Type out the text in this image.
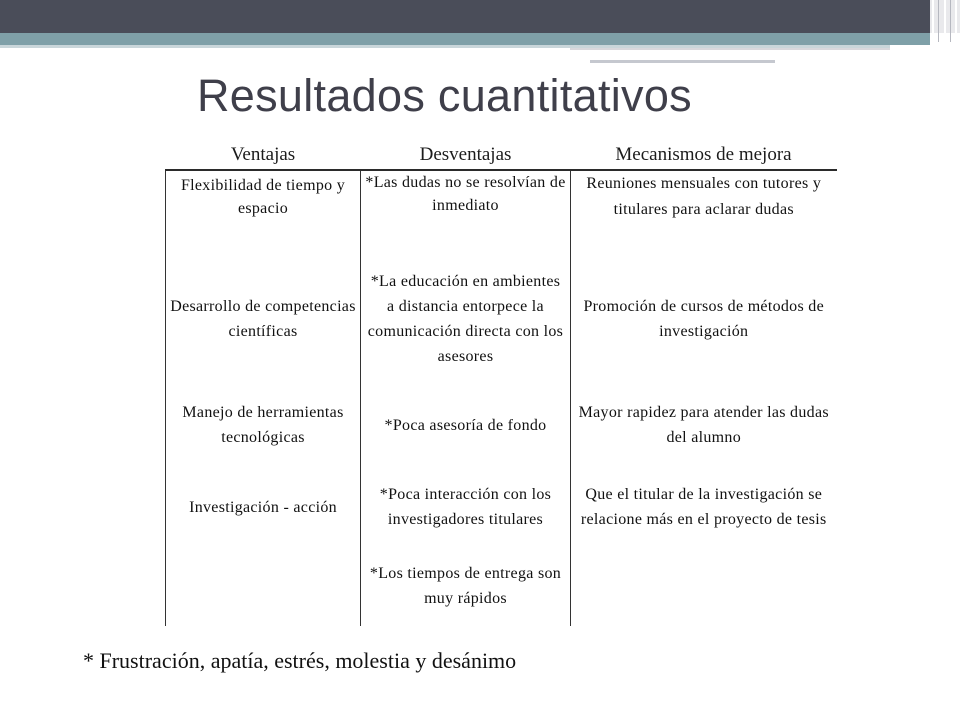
Resultados cuantitativos
Ventajas	Desventajas	Mecanismos de mejora
Flexibilidad de tiempo y espacio	*Las dudas no se resolvían de inmediato	Reuniones mensuales con tutores y titulares para aclarar dudas
Desarrollo de competencias científicas	*La educación en ambientes a distancia entorpece la comunicación directa con los asesores	Promoción de cursos de métodos de investigación
Manejo de herramientas tecnológicas	*Poca asesoría de fondo	Mayor rapidez para atender las dudas del alumno
Investigación - acción	*Poca interacción con los investigadores titulares	Que el titular de la investigación se relacione más en el proyecto de tesis
	*Los tiempos de entrega son muy rápidos	

* Frustración, apatía, estrés, molestia y desánimo
